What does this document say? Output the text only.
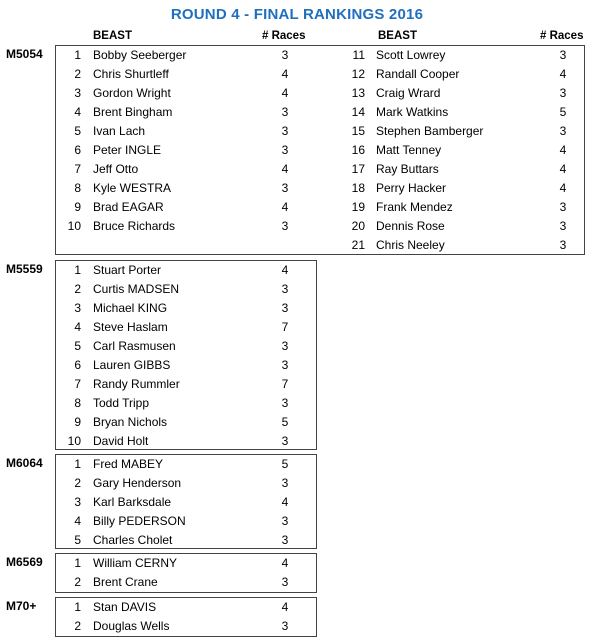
ROUND 4 - FINAL RANKINGS 2016
BEAST	# Races	BEAST	# Races
M5054	1 Bobby Seeberger	3
2 Chris Shurtleff	4
3 Gordon Wright	4
4 Brent Bingham	3
5 Ivan Lach	3
6 Peter INGLE	3
7 Jeff Otto	4
8 Kyle WESTRA	3
9 Brad EAGAR	4
10 Bruce Richards	3
11 Scott Lowrey	3
12 Randall Cooper	4
13 Craig Wrard	3
14 Mark Watkins	5
15 Stephen Bamberger	3
16 Matt Tenney	4
17 Ray Buttars	4
18 Perry Hacker	4
19 Frank Mendez	3
20 Dennis Rose	3
21 Chris Neeley	3
M5559	1 Stuart Porter	4
2 Curtis MADSEN	3
3 Michael KING	3
4 Steve Haslam	7
5 Carl Rasmusen	3
6 Lauren GIBBS	3
7 Randy Rummler	7
8 Todd Tripp	3
9 Bryan Nichols	5
10 David Holt	3
M6064	1 Fred MABEY	5
2 Gary Henderson	3
3 Karl Barksdale	4
4 Billy PEDERSON	3
5 Charles Cholet	3
M6569	1 William CERNY	4
2 Brent Crane	3
M70+	1 Stan DAVIS	4
2 Douglas Wells	3
